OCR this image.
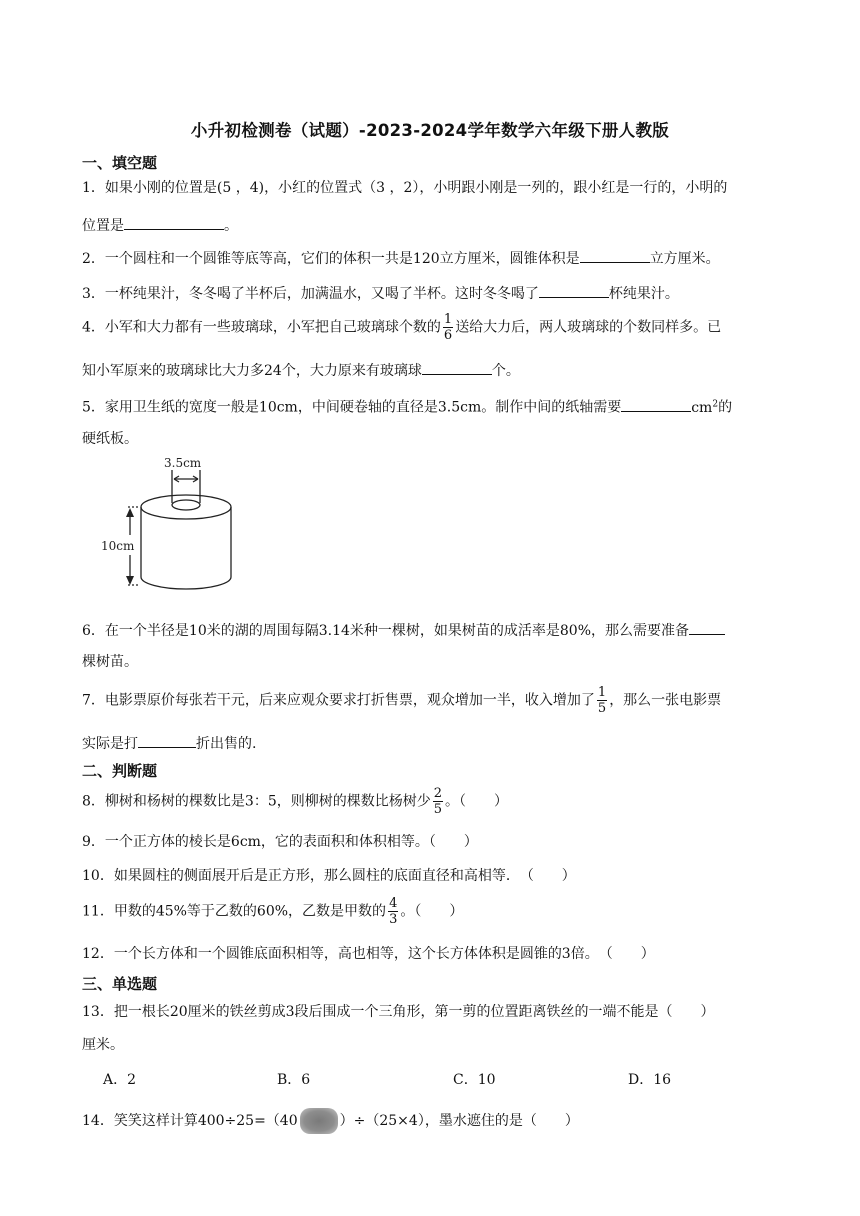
小升初检测卷（试题）-2023-2024学年数学六年级下册人教版
一、填空题
1．如果小刚的位置是(5 ，4)，小红的位置式（3 ，2），小明跟小刚是一列的，跟小红是一行的，小明的
位置是	。
2．一个圆柱和一个圆锥等底等高，它们的体积一共是120立方厘米，圆锥体积是	立方厘米。
3．一杯纯果汁，冬冬喝了半杯后，加满温水，又喝了半杯。这时冬冬喝了	杯纯果汁。
4．小军和大力都有一些玻璃球，小军把自己玻璃球个数的 $\frac{1}{6}$ 送给大力后，两人玻璃球的个数同样多。已
知小军原来的玻璃球比大力多24个，大力原来有玻璃球	个。
5．家用卫生纸的宽度一般是10cm，中间硬卷轴的直径是3.5cm。制作中间的纸轴需要	$cm^2$的
硬纸板。
3.5cm
10cm
6．在一个半径是10米的湖的周围每隔3.14米种一棵树，如果树苗的成活率是80%，那么需要准备
棵树苗。
7．电影票原价每张若干元，后来应观众要求打折售票，观众增加一半，收入增加了 $\frac{1}{5}$ ，那么一张电影票
实际是打	折出售的.
二、判断题
8．柳树和杨树的棵数比是3：5，则柳树的棵数比杨树少 $\frac{2}{5}$ 。（　　）
9．一个正方体的棱长是6cm，它的表面积和体积相等。（　　）
10．如果圆柱的侧面展开后是正方形，那么圆柱的底面直径和高相等．　（　　）
11．甲数的45%等于乙数的60%，乙数是甲数的 $\frac{4}{3}$ 。（　　）
12．一个长方体和一个圆锥底面积相等，高也相等，这个长方体体积是圆锥的3倍。　（　　）
三、单选题
13．把一根长20厘米的铁丝剪成3段后围成一个三角形，第一剪的位置距离铁丝的一端不能是（　　）
厘米。
A．2	B．6	C．10	D．16
14．笑笑这样计算400÷25=（40	）÷（25×4），墨水遮住的是（　　）
